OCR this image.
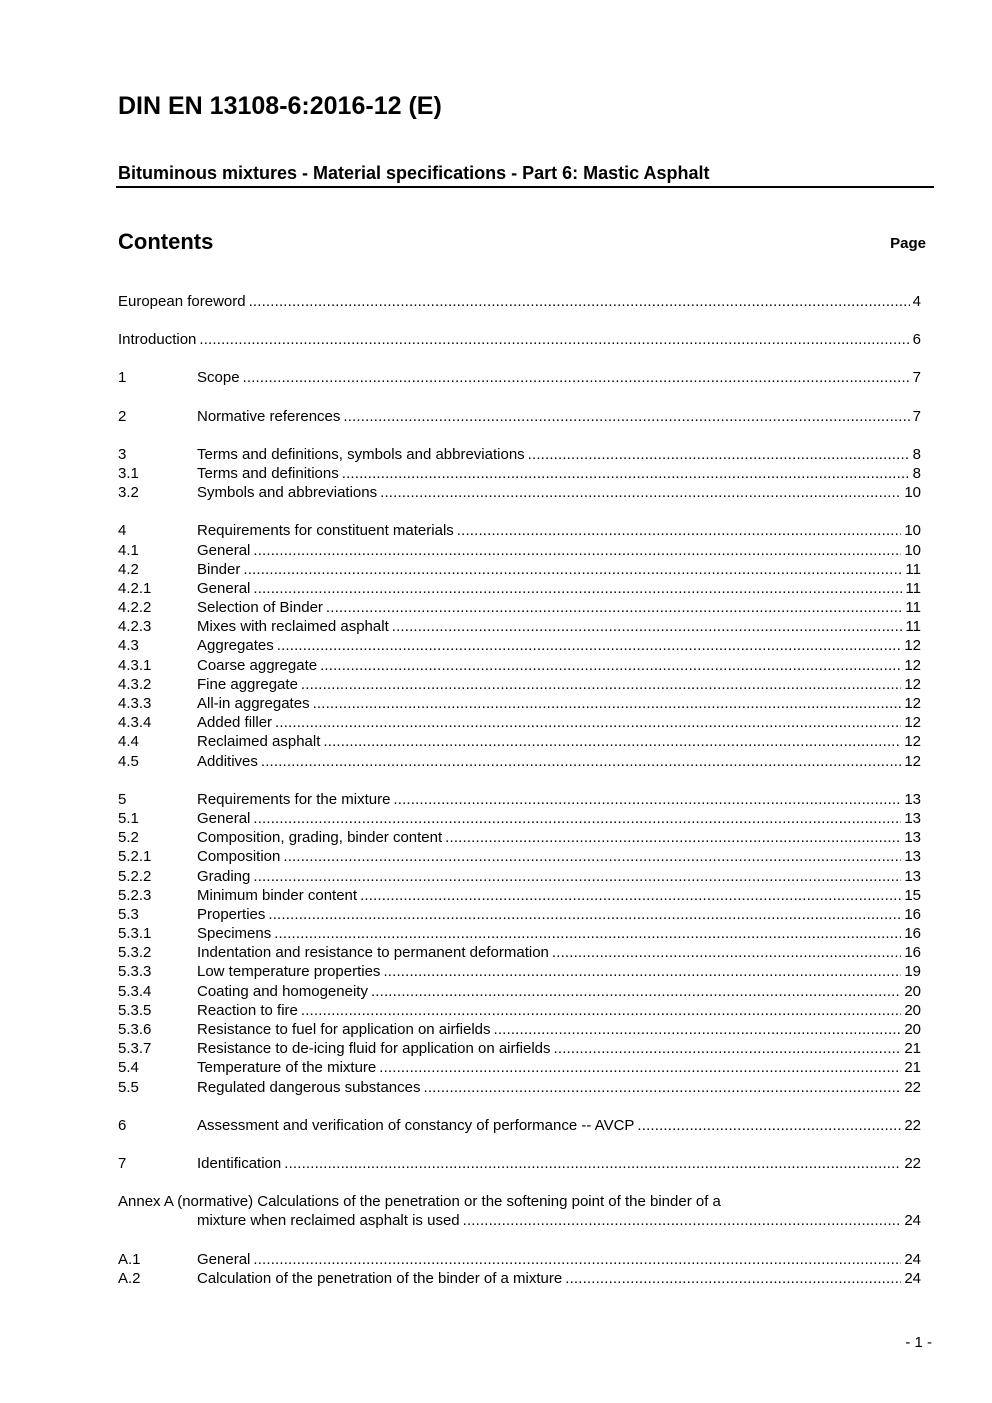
DIN EN 13108-6:2016-12 (E)
Bituminous mixtures - Material specifications - Part 6: Mastic Asphalt
Contents	Page
European foreword . . .	4
Introduction . . .	6
1	Scope . . .	7
2	Normative references . . .	7
3	Terms and definitions, symbols and abbreviations . . .	8
3.1	Terms and definitions . . .	8
3.2	Symbols and abbreviations . . .	10
4	Requirements for constituent materials . . .	10
4.1	General . . .	10
4.2	Binder . . .	11
4.2.1	General . . .	11
4.2.2	Selection of Binder . . .	11
4.2.3	Mixes with reclaimed asphalt . . .	11
4.3	Aggregates . . .	12
4.3.1	Coarse aggregate . . .	12
4.3.2	Fine aggregate . . .	12
4.3.3	All-in aggregates . . .	12
4.3.4	Added filler . . .	12
4.4	Reclaimed asphalt . . .	12
4.5	Additives . . .	12
5	Requirements for the mixture . . .	13
5.1	General . . .	13
5.2	Composition, grading, binder content . . .	13
5.2.1	Composition . . .	13
5.2.2	Grading . . .	13
5.2.3	Minimum binder content . . .	15
5.3	Properties . . .	16
5.3.1	Specimens . . .	16
5.3.2	Indentation and resistance to permanent deformation . . .	16
5.3.3	Low temperature properties . . .	19
5.3.4	Coating and homogeneity . . .	20
5.3.5	Reaction to fire . . .	20
5.3.6	Resistance to fuel for application on airfields . . .	20
5.3.7	Resistance to de-icing fluid for application on airfields . . .	21
5.4	Temperature of the mixture . . .	21
5.5	Regulated dangerous substances . . .	22
6	Assessment and verification of constancy of performance -- AVCP . . .	22
7	Identification . . .	22
Annex A (normative) Calculations of the penetration or the softening point of the binder of a
mixture when reclaimed asphalt is used . . .	24
A.1	General . . .	24
A.2	Calculation of the penetration of the binder of a mixture . . .	24
- 1 -
